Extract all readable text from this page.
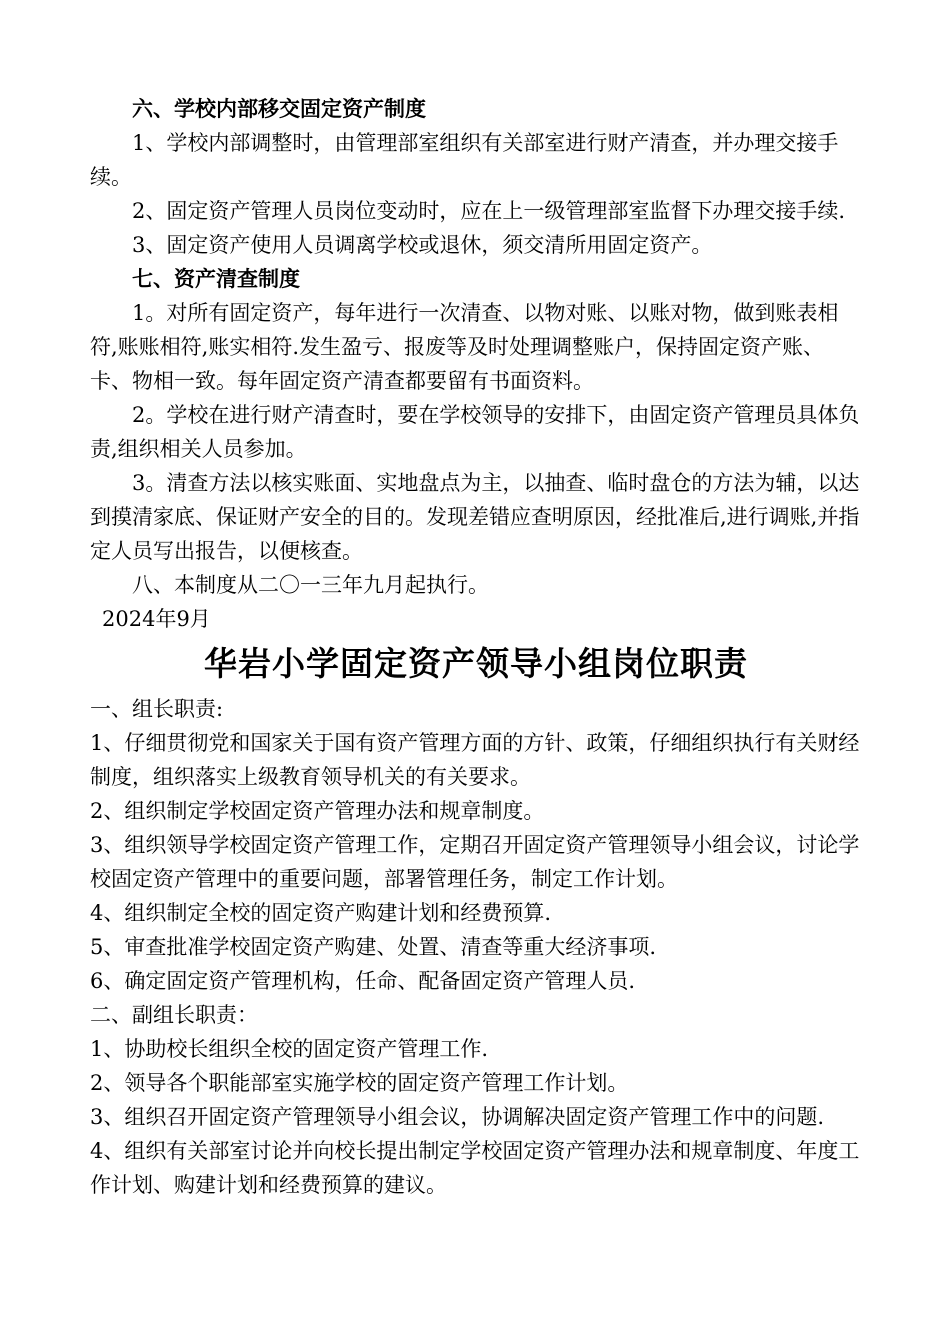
六、学校内部移交固定资产制度

1、学校内部调整时，由管理部室组织有关部室进行财产清查，并办理交接手续。

2、固定资产管理人员岗位变动时，应在上一级管理部室监督下办理交接手续.

3、固定资产使用人员调离学校或退休，须交清所用固定资产。

七、资产清查制度

1。对所有固定资产，每年进行一次清查、以物对账、以账对物，做到账表相符,账账相符,账实相符.发生盈亏、报废等及时处理调整账户，保持固定资产账、卡、物相一致。每年固定资产清查都要留有书面资料。

2。学校在进行财产清查时，要在学校领导的安排下，由固定资产管理员具体负责,组织相关人员参加。

3。清查方法以核实账面、实地盘点为主，以抽查、临时盘仓的方法为辅，以达到摸清家底、保证财产安全的目的。发现差错应查明原因，经批准后,进行调账,并指定人员写出报告，以便核查。

八、本制度从二〇一三年九月起执行。

2024年9月

华岩小学固定资产领导小组岗位职责

一、组长职责:

1、仔细贯彻党和国家关于国有资产管理方面的方针、政策，仔细组织执行有关财经制度，组织落实上级教育领导机关的有关要求。

2、组织制定学校固定资产管理办法和规章制度。

3、组织领导学校固定资产管理工作，定期召开固定资产管理领导小组会议，讨论学校固定资产管理中的重要问题，部署管理任务，制定工作计划。

4、组织制定全校的固定资产购建计划和经费预算.

5、审查批准学校固定资产购建、处置、清查等重大经济事项.

6、确定固定资产管理机构，任命、配备固定资产管理人员.

二、副组长职责：

1、协助校长组织全校的固定资产管理工作.

2、领导各个职能部室实施学校的固定资产管理工作计划。

3、组织召开固定资产管理领导小组会议，协调解决固定资产管理工作中的问题.

4、组织有关部室讨论并向校长提出制定学校固定资产管理办法和规章制度、年度工作计划、购建计划和经费预算的建议。
